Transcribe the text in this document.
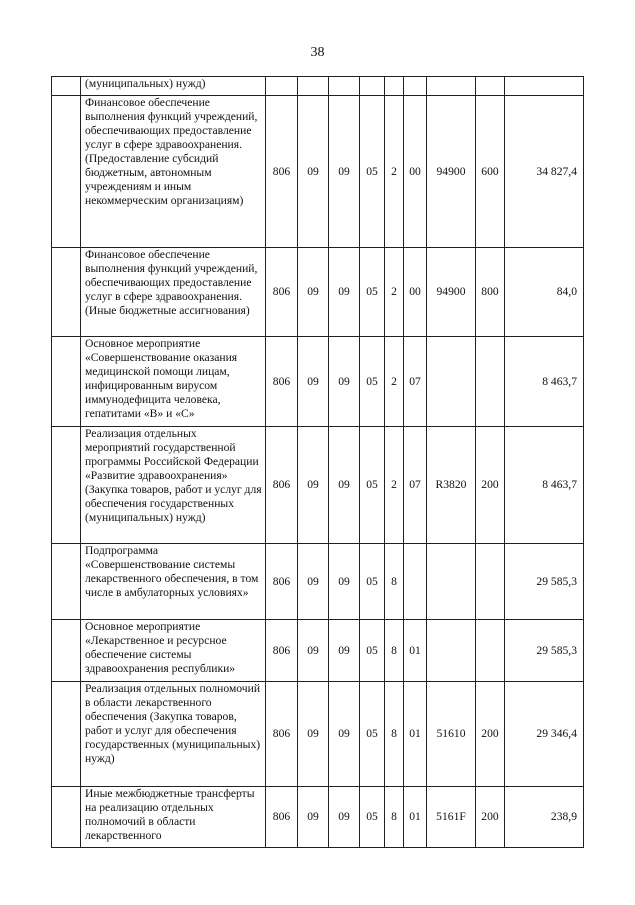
38
	(муниципальных) нужд)									
	Финансовое обеспечение выполнения функций учреждений, обеспечивающих предоставление услуг в сфере здравоохранения. (Предоставление субсидий бюджетным, автономным учреждениям и иным некоммерческим организациям)	806	09	09	05	2	00	94900	600	34 827,4
	Финансовое обеспечение выполнения функций учреждений, обеспечивающих предоставление услуг в сфере здравоохранения. (Иные бюджетные ассигнования)	806	09	09	05	2	00	94900	800	84,0
	Основное мероприятие «Совершенствование оказания медицинской помощи лицам, инфицированным вирусом иммунодефицита человека, гепатитами «В» и «С»	806	09	09	05	2	07			8 463,7
	Реализация отдельных мероприятий государственной программы Российской Федерации «Развитие здравоохранения» (Закупка товаров, работ и услуг для обеспечения государственных (муниципальных) нужд)	806	09	09	05	2	07	R3820	200	8 463,7
	Подпрограмма «Совершенствование системы лекарственного обеспечения, в том числе в амбулаторных условиях»	806	09	09	05	8				29 585,3
	Основное мероприятие «Лекарственное и ресурсное обеспечение системы здравоохранения республики»	806	09	09	05	8	01			29 585,3
	Реализация отдельных полномочий в области лекарственного обеспечения (Закупка товаров, работ и услуг для обеспечения государственных (муниципальных) нужд)	806	09	09	05	8	01	51610	200	29 346,4
	Иные межбюджетные трансферты на реализацию отдельных полномочий в области лекарственного	806	09	09	05	8	01	5161F	200	238,9
